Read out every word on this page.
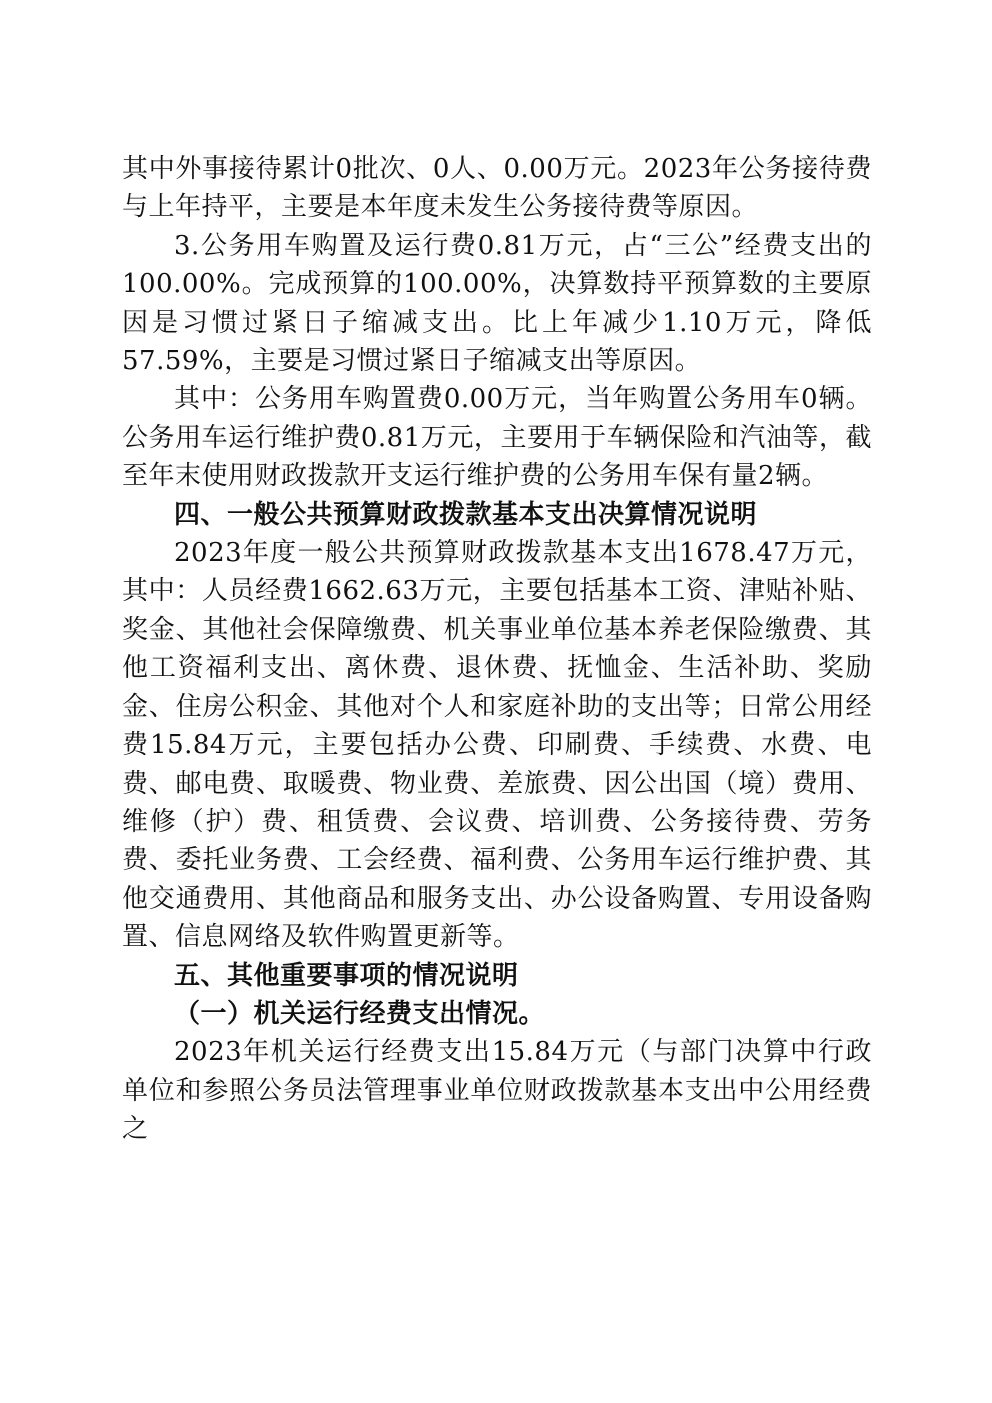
其中外事接待累计0批次、0人、0.00万元。2023年公务接待费与上年持平，主要是本年度未发生公务接待费等原因。

3.公务用车购置及运行费0.81万元，占“三公”经费支出的100.00%。完成预算的100.00%，决算数持平预算数的主要原因是习惯过紧日子缩减支出。比上年减少1.10万元，降低57.59%，主要是习惯过紧日子缩减支出等原因。

其中：公务用车购置费0.00万元，当年购置公务用车0辆。公务用车运行维护费0.81万元，主要用于车辆保险和汽油等，截至年末使用财政拨款开支运行维护费的公务用车保有量2辆。

四、一般公共预算财政拨款基本支出决算情况说明

2023年度一般公共预算财政拨款基本支出1678.47万元，其中：人员经费1662.63万元，主要包括基本工资、津贴补贴、奖金、其他社会保障缴费、机关事业单位基本养老保险缴费、其他工资福利支出、离休费、退休费、抚恤金、生活补助、奖励金、住房公积金、其他对个人和家庭补助的支出等；日常公用经费15.84万元，主要包括办公费、印刷费、手续费、水费、电费、邮电费、取暖费、物业费、差旅费、因公出国（境）费用、维修（护）费、租赁费、会议费、培训费、公务接待费、劳务费、委托业务费、工会经费、福利费、公务用车运行维护费、其他交通费用、其他商品和服务支出、办公设备购置、专用设备购置、信息网络及软件购置更新等。

五、其他重要事项的情况说明

（一）机关运行经费支出情况。

2023年机关运行经费支出15.84万元（与部门决算中行政单位和参照公务员法管理事业单位财政拨款基本支出中公用经费之
